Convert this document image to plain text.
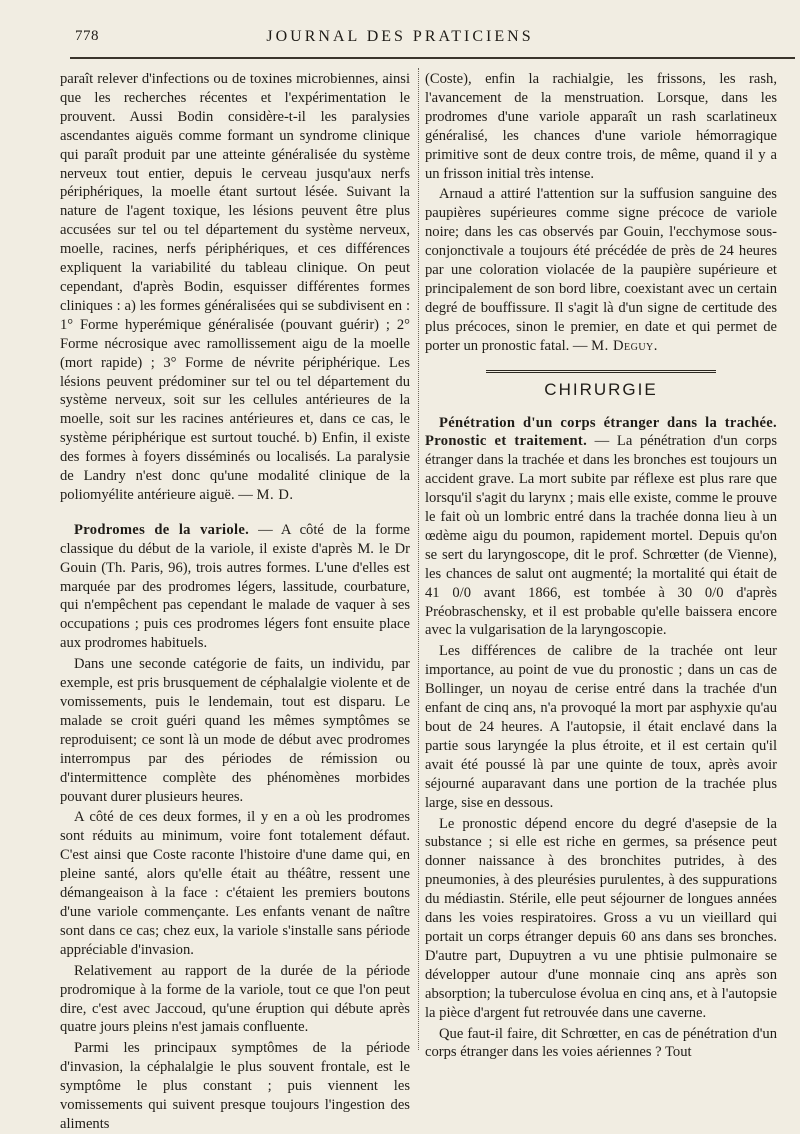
778	JOURNAL DES PRATICIENS

paraît relever d'infections ou de toxines microbiennes, ainsi que les recherches récentes et l'expérimentation le prouvent. Aussi Bodin considère-t-il les paralysies ascendantes aiguës comme formant un syndrome clinique qui paraît produit par une atteinte généralisée du système nerveux tout entier, depuis le cerveau jusqu'aux nerfs périphériques, la moelle étant surtout lésée. Suivant la nature de l'agent toxique, les lésions peuvent être plus accusées sur tel ou tel département du système nerveux, moelle, racines, nerfs périphériques, et ces différences expliquent la variabilité du tableau clinique. On peut cependant, d'après Bodin, esquisser différentes formes cliniques : a) les formes généralisées qui se subdivisent en : 1° Forme hyperémique généralisée (pouvant guérir) ; 2° Forme nécrosique avec ramollissement aigu de la moelle (mort rapide) ; 3° Forme de névrite périphérique. Les lésions peuvent prédominer sur tel ou tel département du système nerveux, soit sur les cellules antérieures de la moelle, soit sur les racines antérieures et, dans ce cas, le système périphérique est surtout touché. b) Enfin, il existe des formes à foyers disséminés ou localisés. La paralysie de Landry n'est donc qu'une modalité clinique de la poliomyélite antérieure aiguë. — M. D.

Prodromes de la variole. — A côté de la forme classique du début de la variole, il existe d'après M. le Dr Gouin (Th. Paris, 96), trois autres formes. L'une d'elles est marquée par des prodromes légers, lassitude, courbature, qui n'empêchent pas cependant le malade de vaquer à ses occupations ; puis ces prodromes légers font ensuite place aux prodromes habituels.

Dans une seconde catégorie de faits, un individu, par exemple, est pris brusquement de céphalalgie violente et de vomissements, puis le lendemain, tout est disparu. Le malade se croit guéri quand les mêmes symptômes se reproduisent; ce sont là un mode de début avec prodromes interrompus par des périodes de rémission ou d'intermittence complète des phénomènes morbides pouvant durer plusieurs heures.

A côté de ces deux formes, il y en a où les prodromes sont réduits au minimum, voire font totalement défaut. C'est ainsi que Coste raconte l'histoire d'une dame qui, en pleine santé, alors qu'elle était au théâtre, ressent une démangeaison à la face : c'étaient les premiers boutons d'une variole commençante. Les enfants venant de naître sont dans ce cas; chez eux, la variole s'installe sans période appréciable d'invasion.

Relativement au rapport de la durée de la période prodromique à la forme de la variole, tout ce que l'on peut dire, c'est avec Jaccoud, qu'une éruption qui débute après quatre jours pleins n'est jamais confluente.

Parmi les principaux symptômes de la période d'invasion, la céphalalgie le plus souvent frontale, est le symptôme le plus constant ; puis viennent les vomissements qui suivent presque toujours l'ingestion des aliments

(Coste), enfin la rachialgie, les frissons, les rash, l'avancement de la menstruation. Lorsque, dans les prodromes d'une variole apparaît un rash scarlatineux généralisé, les chances d'une variole hémorragique primitive sont de deux contre trois, de même, quand il y a un frisson initial très intense.

Arnaud a attiré l'attention sur la suffusion sanguine des paupières supérieures comme signe précoce de variole noire; dans les cas observés par Gouin, l'ecchymose sous-conjonctivale a toujours été précédée de près de 24 heures par une coloration violacée de la paupière supérieure et principalement de son bord libre, coexistant avec un certain degré de bouffissure. Il s'agit là d'un signe de certitude des plus précoces, sinon le premier, en date et qui permet de porter un pronostic fatal. — M. Deguy.

CHIRURGIE

Pénétration d'un corps étranger dans la trachée. Pronostic et traitement. — La pénétration d'un corps étranger dans la trachée et dans les bronches est toujours un accident grave. La mort subite par réflexe est plus rare que lorsqu'il s'agit du larynx ; mais elle existe, comme le prouve le fait où un lombric entré dans la trachée donna lieu à un œdème aigu du poumon, rapidement mortel. Depuis qu'on se sert du laryngoscope, dit le prof. Schrœtter (de Vienne), les chances de salut ont augmenté; la mortalité qui était de 41 0/0 avant 1866, est tombée à 30 0/0 d'après Préobraschensky, et il est probable qu'elle baissera encore avec la vulgarisation de la laryngoscopie.

Les différences de calibre de la trachée ont leur importance, au point de vue du pronostic ; dans un cas de Bollinger, un noyau de cerise entré dans la trachée d'un enfant de cinq ans, n'a provoqué la mort par asphyxie qu'au bout de 24 heures. A l'autopsie, il était enclavé dans la partie sous laryngée la plus étroite, et il est certain qu'il avait été poussé là par une quinte de toux, après avoir séjourné auparavant dans une portion de la trachée plus large, sise en dessous.

Le pronostic dépend encore du degré d'asepsie de la substance ; si elle est riche en germes, sa présence peut donner naissance à des bronchites putrides, à des pneumonies, à des pleurésies purulentes, à des suppurations du médiastin. Stérile, elle peut séjourner de longues années dans les voies respiratoires. Gross a vu un vieillard qui portait un corps étranger depuis 60 ans dans ses bronches. D'autre part, Dupuytren a vu une phtisie pulmonaire se développer autour d'une monnaie cinq ans après son absorption; la tuberculose évolua en cinq ans, et à l'autopsie la pièce d'argent fut retrouvée dans une caverne.

Que faut-il faire, dit Schrœtter, en cas de pénétration d'un corps étranger dans les voies aériennes ? Tout
